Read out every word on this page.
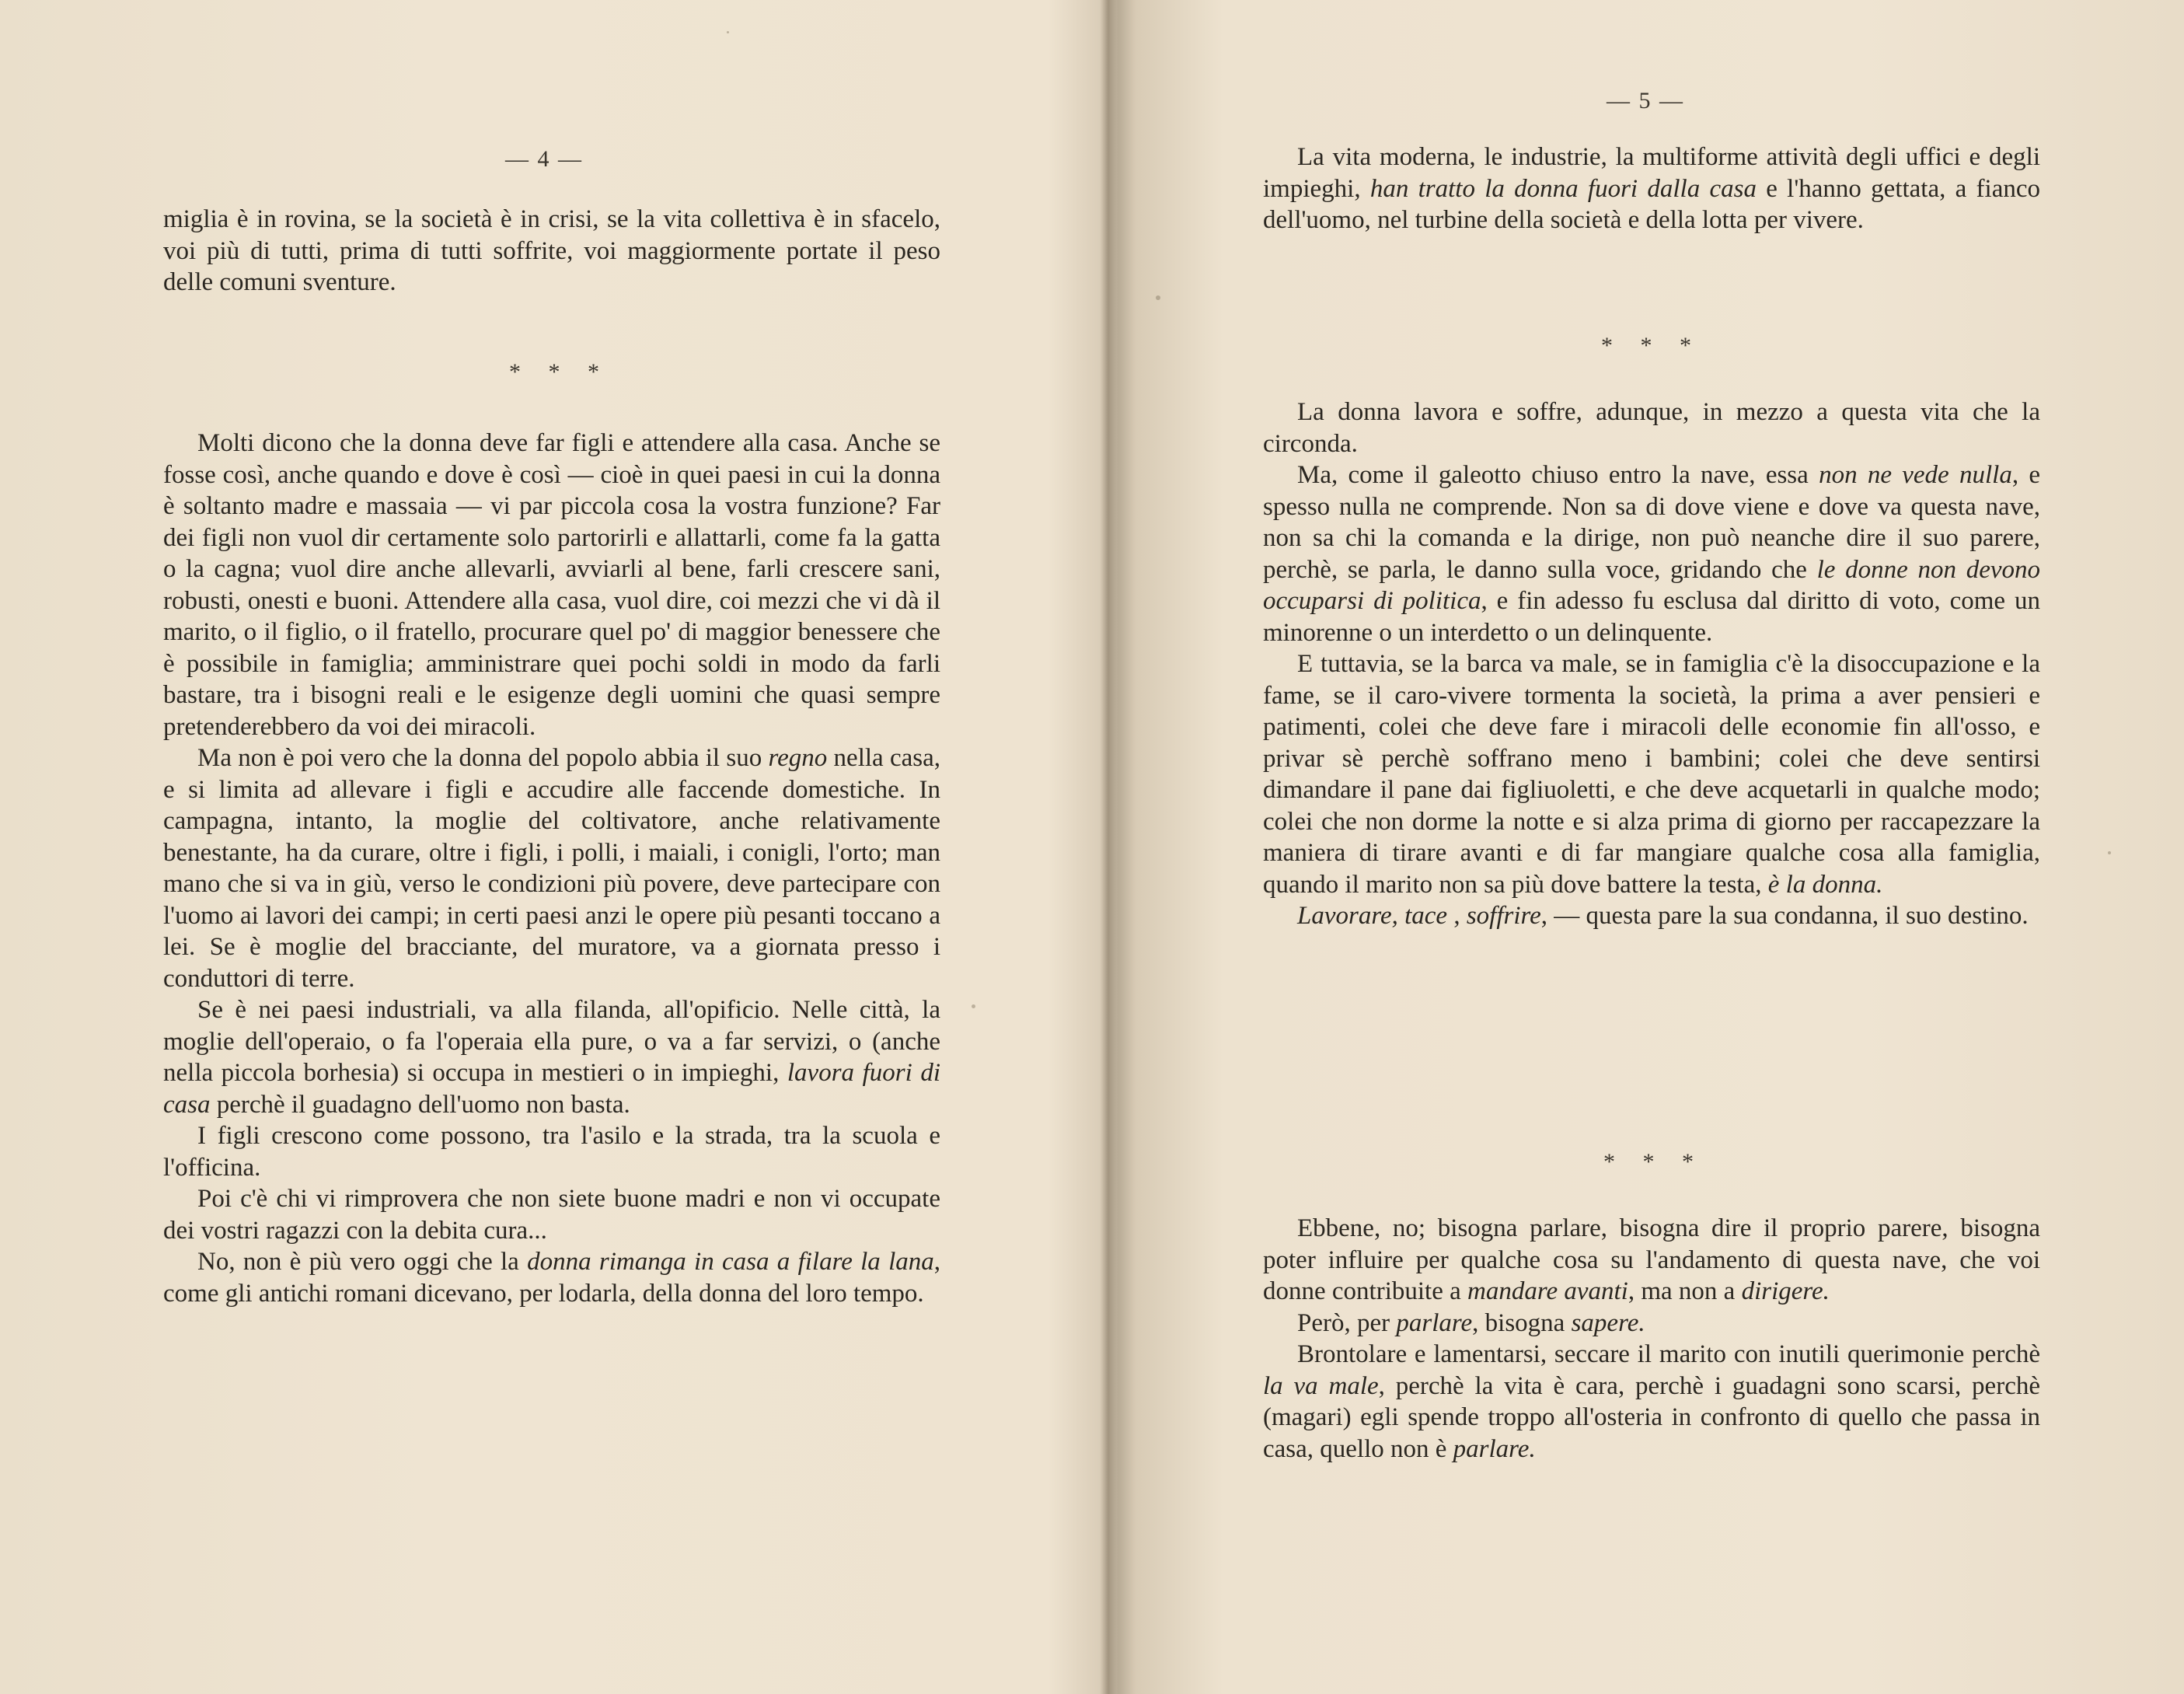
— 4 —

miglia è in rovina, se la società è in crisi, se la vita collettiva è in sfacelo, voi più di tutti, prima di tutti soffrite, voi maggiormente portate il peso delle comuni sventure.

* * *

Molti dicono che la donna deve far figli e attendere alla casa. Anche se fosse così, anche quando e dove è così — cioè in quei paesi in cui la donna è soltanto madre e massaia — vi par piccola cosa la vostra funzione? Far dei figli non vuol dir certamente solo partorirli e allattarli, come fa la gatta o la cagna; vuol dire anche allevarli, avviarli al bene, farli crescere sani, robusti, onesti e buoni. Attendere alla casa, vuol dire, coi mezzi che vi dà il marito, o il figlio, o il fratello, procurare quel po' di maggior benessere che è possibile in famiglia; amministrare quei pochi soldi in modo da farli bastare, tra i bisogni reali e le esigenze degli uomini che quasi sempre pretenderebbero da voi dei miracoli.

Ma non è poi vero che la donna del popolo abbia il suo regno nella casa, e si limita ad allevare i figli e accudire alle faccende domestiche. In campagna, intanto, la moglie del coltivatore, anche relativamente benestante, ha da curare, oltre i figli, i polli, i maiali, i conigli, l'orto; man mano che si va in giù, verso le condizioni più povere, deve partecipare con l'uomo ai lavori dei campi; in certi paesi anzi le opere più pesanti toccano a lei. Se è moglie del bracciante, del muratore, va a giornata presso i conduttori di terre.

Se è nei paesi industriali, va alla filanda, all'opificio. Nelle città, la moglie dell'operaio, o fa l'operaia ella pure, o va a far servizi, o (anche nella piccola borhesia) si occupa in mestieri o in impieghi, lavora fuori di casa perchè il guadagno dell'uomo non basta.

I figli crescono come possono, tra l'asilo e la strada, tra la scuola e l'officina.

Poi c'è chi vi rimprovera che non siete buone madri e non vi occupate dei vostri ragazzi con la debita cura...

No, non è più vero oggi che la donna rimanga in casa a filare la lana, come gli antichi romani dicevano, per lodarla, della donna del loro tempo.

— 5 —

La vita moderna, le industrie, la multiforme attività degli uffici e degli impieghi, han tratto la donna fuori dalla casa e l'hanno gettata, a fianco dell'uomo, nel turbine della società e della lotta per vivere.

* * *

La donna lavora e soffre, adunque, in mezzo a questa vita che la circonda.

Ma, come il galeotto chiuso entro la nave, essa non ne vede nulla, e spesso nulla ne comprende. Non sa di dove viene e dove va questa nave, non sa chi la comanda e la dirige, non può neanche dire il suo parere, perchè, se parla, le danno sulla voce, gridando che le donne non devono occuparsi di politica, e fin adesso fu esclusa dal diritto di voto, come un minorenne o un interdetto o un delinquente.

E tuttavia, se la barca va male, se in famiglia c'è la disoccupazione e la fame, se il caro-vivere tormenta la società, la prima a aver pensieri e patimenti, colei che deve fare i miracoli delle economie fin all'osso, e privar sè perchè soffrano meno i bambini; colei che deve sentirsi dimandare il pane dai figliuoletti, e che deve acquetarli in qualche modo; colei che non dorme la notte e si alza prima di giorno per raccapezzare la maniera di tirare avanti e di far mangiare qualche cosa alla famiglia, quando il marito non sa più dove battere la testa, è la donna.

Lavorare, tace , soffrire, — questa pare la sua condanna, il suo destino.

* * *

Ebbene, no; bisogna parlare, bisogna dire il proprio parere, bisogna poter influire per qualche cosa su l'andamento di questa nave, che voi donne contribuite a mandare avanti, ma non a dirigere.

Però, per parlare, bisogna sapere.

Brontolare e lamentarsi, seccare il marito con inutili querimonie perchè la va male, perchè la vita è cara, perchè i guadagni sono scarsi, perchè (magari) egli spende troppo all'osteria in confronto di quello che passa in casa, quello non è parlare.
